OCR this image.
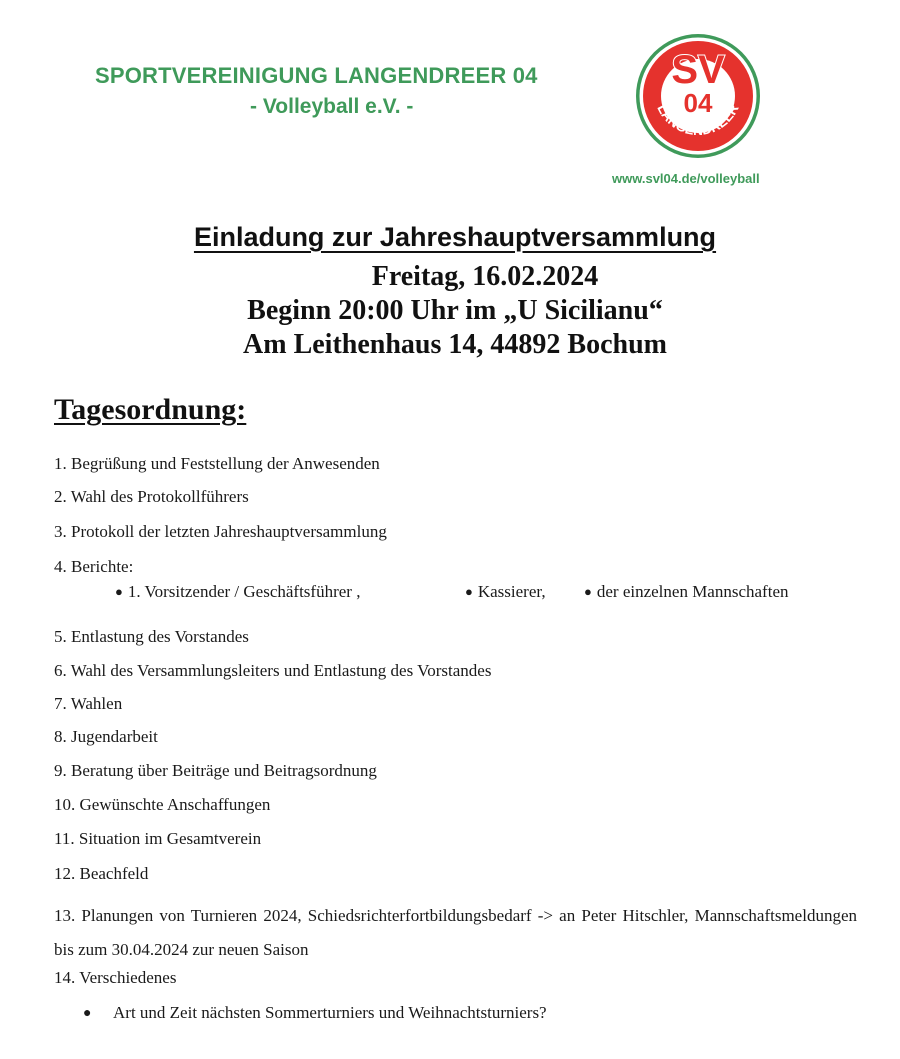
SPORTVEREINIGUNG LANGENDREER 04
- Volleyball e.V. -
SV
04
LANGENDREER
www.svl04.de/volleyball
Einladung zur Jahreshauptversammlung

Freitag, 16.02.2024

Beginn 20:00 Uhr im „U Sicilianu“

Am Leithenhaus 14, 44892 Bochum

Tagesordnung:

1. Begrüßung und Feststellung der Anwesenden

2. Wahl des Protokollführers

3. Protokoll der letzten Jahreshauptversammlung

4. Berichte:

● 1. Vorsitzender / Geschäftsführer ,	● Kassierer,	● der einzelnen Mannschaften

5. Entlastung des Vorstandes

6. Wahl des Versammlungsleiters und Entlastung des Vorstandes

7. Wahlen

8. Jugendarbeit

9. Beratung über Beiträge und Beitragsordnung

10. Gewünschte Anschaffungen

11. Situation im Gesamtverein

12. Beachfeld

13. Planungen von Turnieren 2024, Schiedsrichterfortbildungsbedarf -> an Peter Hitschler, Mannschaftsmeldungen bis zum 30.04.2024 zur neuen Saison

14. Verschiedenes

● Art und Zeit nächsten Sommerturniers und Weihnachtsturniers?
